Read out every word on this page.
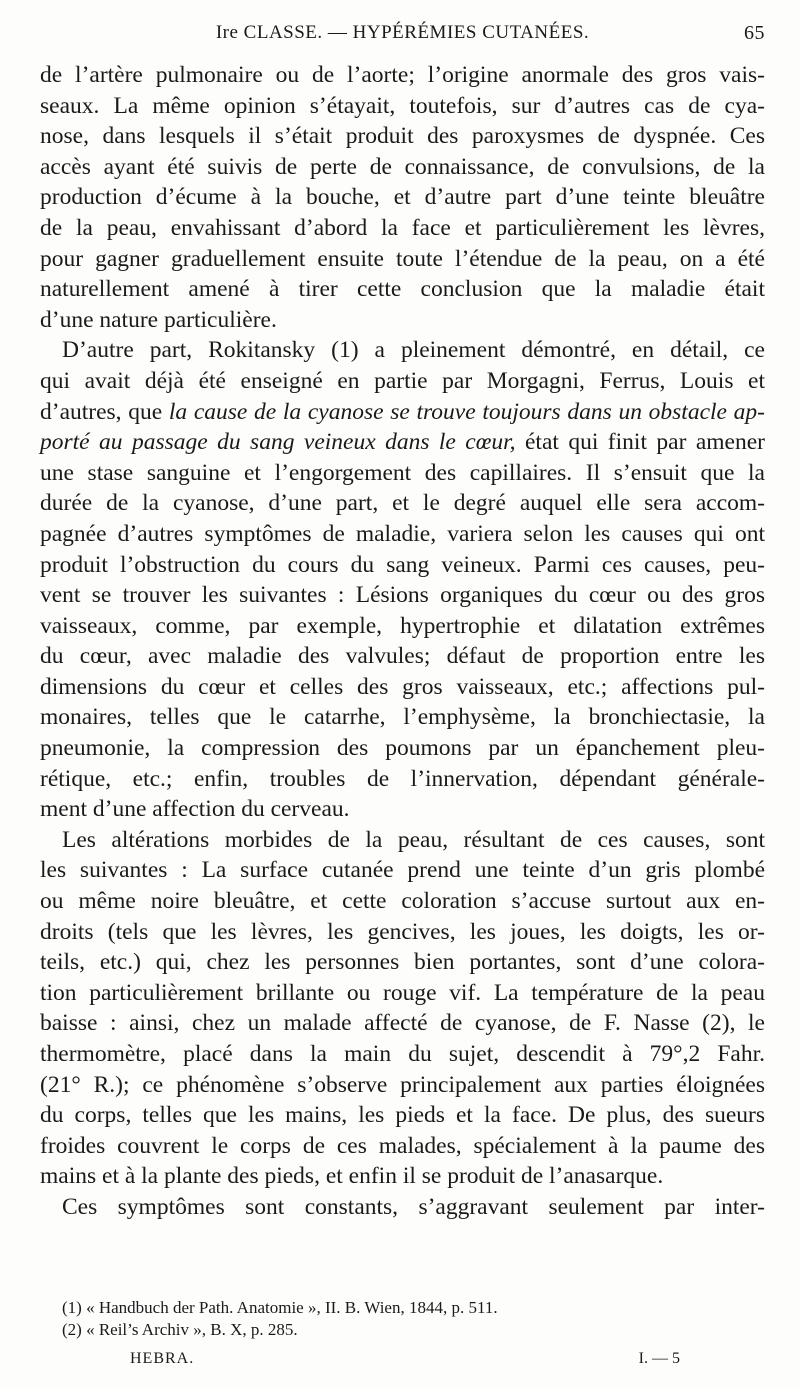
Ire CLASSE. — HYPÉRÉMIES CUTANÉES.	65
de l’artère pulmonaire ou de l’aorte; l’origine anormale des gros vais-
seaux. La même opinion s’étayait, toutefois, sur d’autres cas de cya-
nose, dans lesquels il s’était produit des paroxysmes de dyspnée. Ces
accès ayant été suivis de perte de connaissance, de convulsions, de la
production d’écume à la bouche, et d’autre part d’une teinte bleuâtre
de la peau, envahissant d’abord la face et particulièrement les lèvres,
pour gagner graduellement ensuite toute l’étendue de la peau, on a été
naturellement amené à tirer cette conclusion que la maladie était
d’une nature particulière.
D’autre part, Rokitansky (1) a pleinement démontré, en détail, ce
qui avait déjà été enseigné en partie par Morgagni, Ferrus, Louis et
d’autres, que la cause de la cyanose se trouve toujours dans un obstacle ap-
porté au passage du sang veineux dans le cœur, état qui finit par amener
une stase sanguine et l’engorgement des capillaires. Il s’ensuit que la
durée de la cyanose, d’une part, et le degré auquel elle sera accom-
pagnée d’autres symptômes de maladie, variera selon les causes qui ont
produit l’obstruction du cours du sang veineux. Parmi ces causes, peu-
vent se trouver les suivantes : Lésions organiques du cœur ou des gros
vaisseaux, comme, par exemple, hypertrophie et dilatation extrêmes
du cœur, avec maladie des valvules; défaut de proportion entre les
dimensions du cœur et celles des gros vaisseaux, etc.; affections pul-
monaires, telles que le catarrhe, l’emphysème, la bronchiectasie, la
pneumonie, la compression des poumons par un épanchement pleu-
rétique, etc.; enfin, troubles de l’innervation, dépendant générale-
ment d’une affection du cerveau.
Les altérations morbides de la peau, résultant de ces causes, sont
les suivantes : La surface cutanée prend une teinte d’un gris plombé
ou même noire bleuâtre, et cette coloration s’accuse surtout aux en-
droits (tels que les lèvres, les gencives, les joues, les doigts, les or-
teils, etc.) qui, chez les personnes bien portantes, sont d’une colora-
tion particulièrement brillante ou rouge vif. La température de la peau
baisse : ainsi, chez un malade affecté de cyanose, de F. Nasse (2), le
thermomètre, placé dans la main du sujet, descendit à 79°,2 Fahr.
(21° R.); ce phénomène s’observe principalement aux parties éloignées
du corps, telles que les mains, les pieds et la face. De plus, des sueurs
froides couvrent le corps de ces malades, spécialement à la paume des
mains et à la plante des pieds, et enfin il se produit de l’anasarque.
Ces symptômes sont constants, s’aggravant seulement par inter-
(1) « Handbuch der Path. Anatomie », II. B. Wien, 1844, p. 511.
(2) « Reil’s Archiv », B. X, p. 285.
HEBRA.	I. — 5
